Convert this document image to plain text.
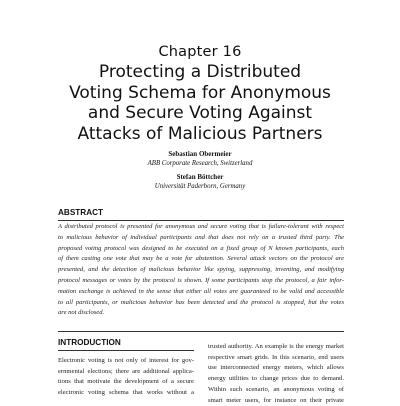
Chapter 16
Protecting a Distributed
Voting Schema for Anonymous
and Secure Voting Against
Attacks of Malicious Partners
Sebastian Obermeier
ABB Corporate Research, Switzerland
Stefan Böttcher
Universität Paderborn, Germany
ABSTRACT
A distributed protocol is presented for anonymous and secure voting that is failure-tolerant with respect
to malicious behavior of individual participants and that does not rely on a trusted third party. The
proposed voting protocol was designed to be executed on a fixed group of N known participants, each
of them casting one vote that may be a vote for abstention. Several attack vectors on the protocol are
presented, and the detection of malicious behavior like spying, suppressing, inventing, and modifying
protocol messages or votes by the protocol is shown. If some participants stop the protocol, a fair infor-
mation exchange is achieved in the sense that either all votes are guaranteed to be valid and accessible
to all participants, or malicious behavior has been detected and the protocol is stopped, but the votes
are not disclosed.
INTRODUCTION
Electronic voting is not only of interest for gov-
ernmental elections; there are additional applica-
tions that motivate the development of a secure
electronic voting schema that works without a
trusted authority. An example is the energy market
respective smart grids. In this scenario, end users
use interconnected energy meters, which allows
energy utilities to change prices due to demand.
Within such scenario, an anonymous voting of
smart meter users, for instance on their private
